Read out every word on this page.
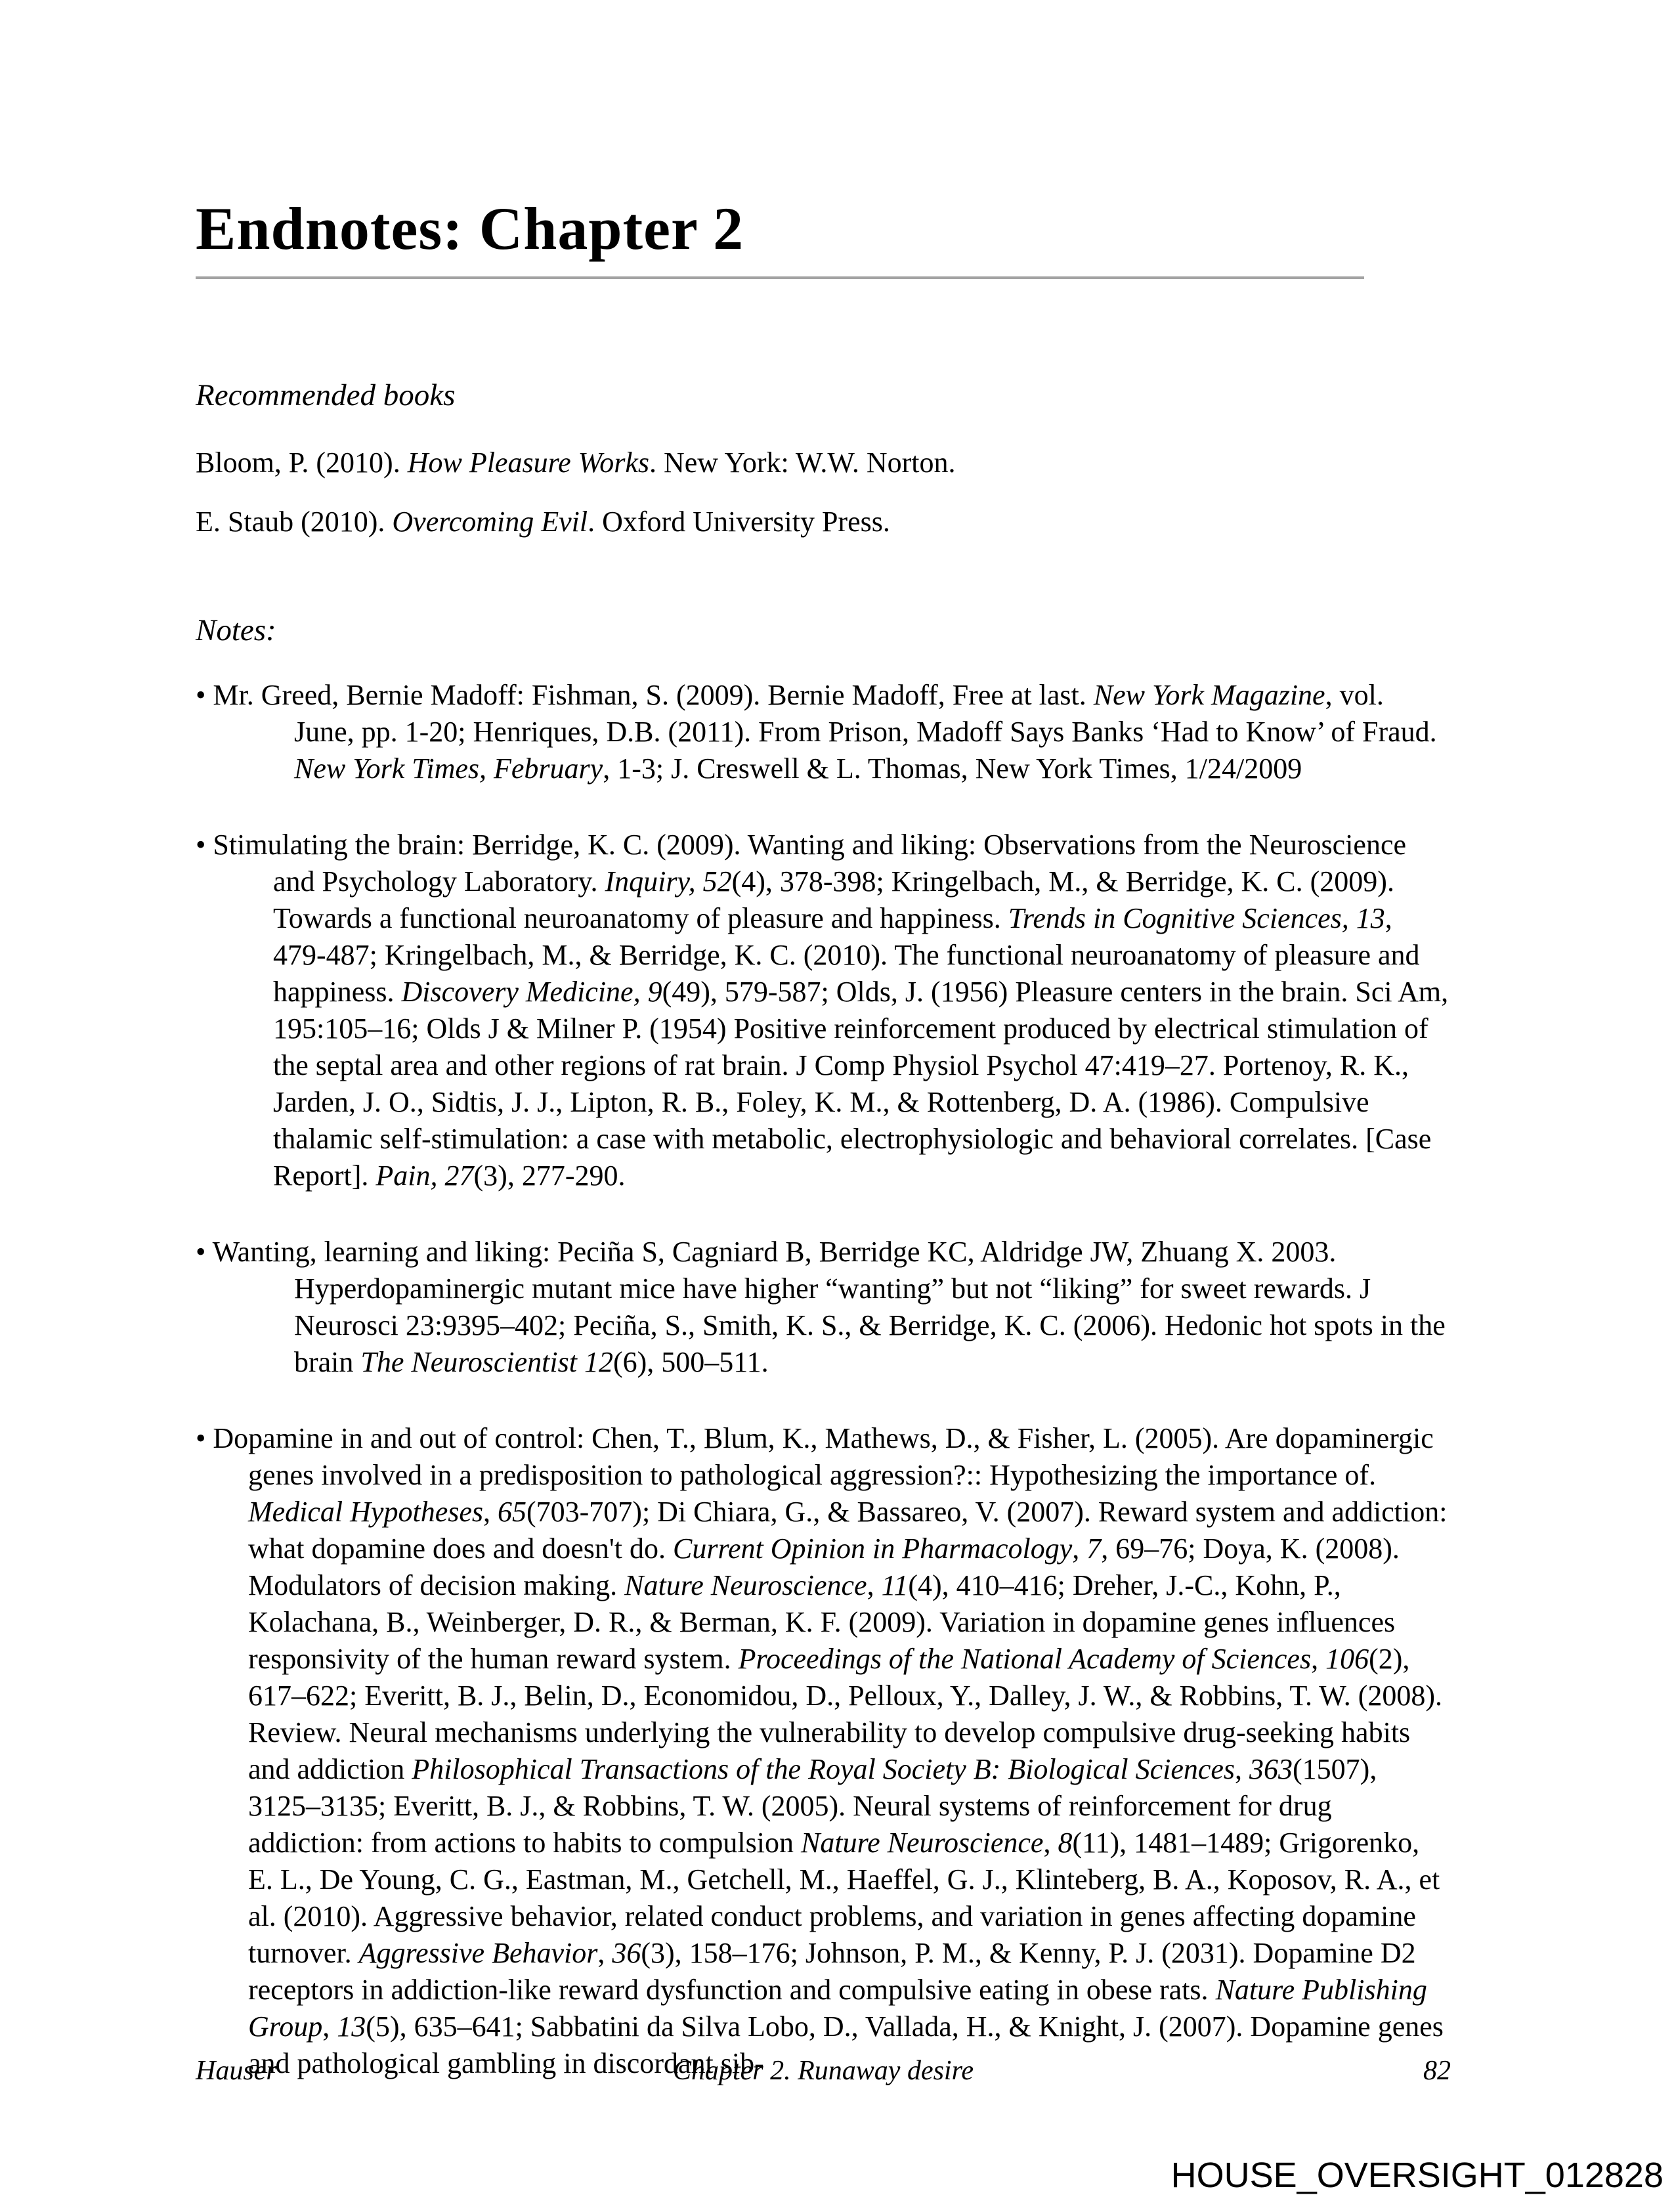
Endnotes: Chapter 2
Recommended books

Bloom, P. (2010). How Pleasure Works. New York: W.W. Norton.

E. Staub (2010). Overcoming Evil. Oxford University Press.

Notes:

• Mr. Greed, Bernie Madoff: Fishman, S. (2009). Bernie Madoff, Free at last. New York Magazine, vol. June, pp. 1-20; Henriques, D.B. (2011). From Prison, Madoff Says Banks ‘Had to Know’ of Fraud. New York Times, February, 1-3; J. Creswell & L. Thomas, New York Times, 1/24/2009

• Stimulating the brain: Berridge, K. C. (2009). Wanting and liking: Observations from the Neuroscience and Psychology Laboratory. Inquiry, 52(4), 378-398; Kringelbach, M., & Berridge, K. C. (2009). Towards a functional neuroanatomy of pleasure and happiness. Trends in Cognitive Sciences, 13, 479-487; Kringelbach, M., & Berridge, K. C. (2010). The functional neuroanatomy of pleasure and happiness. Discovery Medicine, 9(49), 579-587; Olds, J. (1956) Pleasure centers in the brain. Sci Am, 195:105–16; Olds J & Milner P. (1954) Positive reinforcement produced by electrical stimulation of the septal area and other regions of rat brain. J Comp Physiol Psychol 47:419–27. Portenoy, R. K., Jarden, J. O., Sidtis, J. J., Lipton, R. B., Foley, K. M., & Rottenberg, D. A. (1986). Compulsive thalamic self-stimulation: a case with metabolic, electrophysiologic and behavioral correlates. [Case Report]. Pain, 27(3), 277-290.

• Wanting, learning and liking: Peciña S, Cagniard B, Berridge KC, Aldridge JW, Zhuang X. 2003. Hyperdopaminergic mutant mice have higher “wanting” but not “liking” for sweet rewards. J Neurosci 23:9395–402; Peciña, S., Smith, K. S., & Berridge, K. C. (2006). Hedonic hot spots in the brain The Neuroscientist 12(6), 500–511.

• Dopamine in and out of control: Chen, T., Blum, K., Mathews, D., & Fisher, L. (2005). Are dopaminergic genes involved in a predisposition to pathological aggression?:: Hypothesizing the importance of. Medical Hypotheses, 65(703-707); Di Chiara, G., & Bassareo, V. (2007). Reward system and addiction: what dopamine does and doesn't do. Current Opinion in Pharmacology, 7, 69–76; Doya, K. (2008). Modulators of decision making. Nature Neuroscience, 11(4), 410–416; Dreher, J.-C., Kohn, P., Kolachana, B., Weinberger, D. R., & Berman, K. F. (2009). Variation in dopamine genes influences responsivity of the human reward system. Proceedings of the National Academy of Sciences, 106(2), 617–622; Everitt, B. J., Belin, D., Economidou, D., Pelloux, Y., Dalley, J. W., & Robbins, T. W. (2008). Review. Neural mechanisms underlying the vulnerability to develop compulsive drug-seeking habits and addiction Philosophical Transactions of the Royal Society B: Biological Sciences, 363(1507), 3125–3135; Everitt, B. J., & Robbins, T. W. (2005). Neural systems of reinforcement for drug addiction: from actions to habits to compulsion Nature Neuroscience, 8(11), 1481–1489; Grigorenko, E. L., De Young, C. G., Eastman, M., Getchell, M., Haeffel, G. J., Klinteberg, B. A., Koposov, R. A., et al. (2010). Aggressive behavior, related conduct problems, and variation in genes affecting dopamine turnover. Aggressive Behavior, 36(3), 158–176; Johnson, P. M., & Kenny, P. J. (2031). Dopamine D2 receptors in addiction-like reward dysfunction and compulsive eating in obese rats. Nature Publishing Group, 13(5), 635–641; Sabbatini da Silva Lobo, D., Vallada, H., & Knight, J. (2007). Dopamine genes and pathological gambling in discordant sib-

Hauser	Chapter 2. Runaway desire	82
HOUSE_OVERSIGHT_012828
